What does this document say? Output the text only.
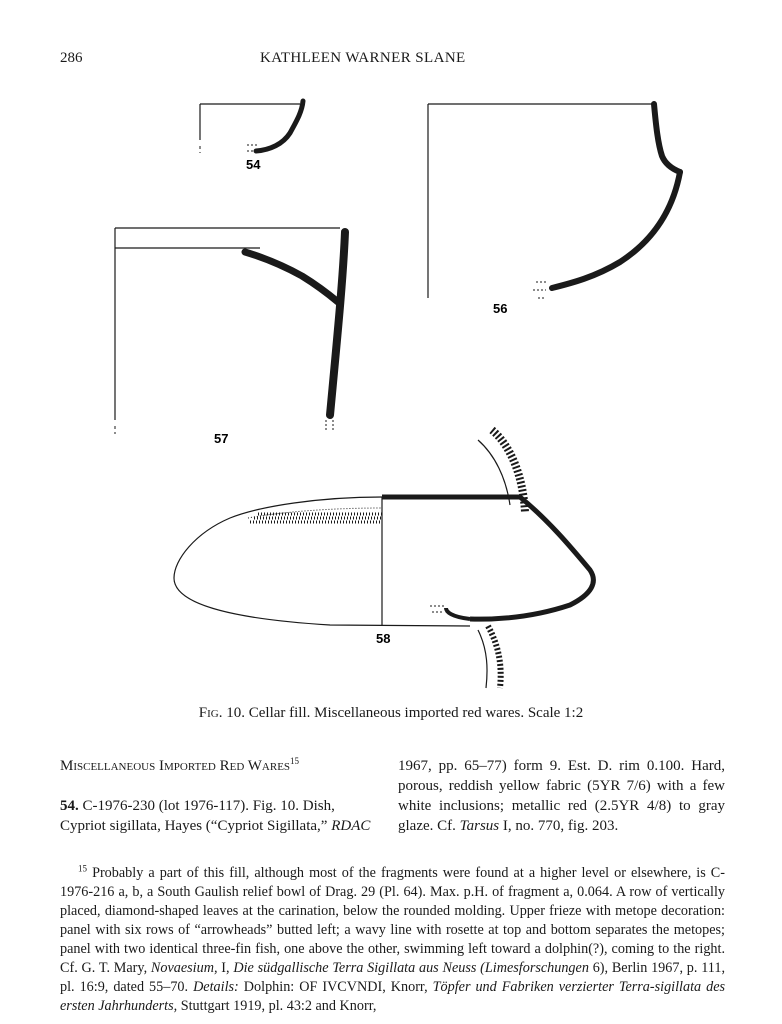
286	KATHLEEN WARNER SLANE
54
56
57
58
Fig. 10. Cellar fill. Miscellaneous imported red wares. Scale 1:2
Miscellaneous Imported Red Wares$^{15}$
54. C-1976-230 (lot 1976-117). Fig. 10. Dish,
Cypriot sigillata, Hayes (“Cypriot Sigillata,” RDAC
1967, pp. 65–77) form 9. Est. D. rim 0.100. Hard, porous, reddish yellow fabric (5YR 7/6) with a few white inclusions; metallic red (2.5YR 4/8) to gray glaze. Cf. Tarsus I, no. 770, fig. 203.
$^{15}$ Probably a part of this fill, although most of the fragments were found at a higher level or elsewhere, is C-1976-216 a, b, a South Gaulish relief bowl of Drag. 29 (Pl. 64). Max. p.H. of fragment a, 0.064. A row of vertically placed, diamond-shaped leaves at the carination, below the rounded molding. Upper frieze with metope decoration: panel with six rows of “arrowheads” butted left; a wavy line with rosette at top and bottom separates the metopes; panel with two identical three-fin fish, one above the other, swimming left toward a dolphin(?), coming to the right. Cf. G. T. Mary, Novaesium, I, Die südgallische Terra Sigillata aus Neuss (Limesforschungen 6), Berlin 1967, p. 111, pl. 16:9, dated 55–70. Details: Dolphin: OF IVCVNDI, Knorr, Töpfer und Fabriken verzierter Terra-sigillata des ersten Jahrhunderts, Stuttgart 1919, pl. 43:2 and Knorr,
